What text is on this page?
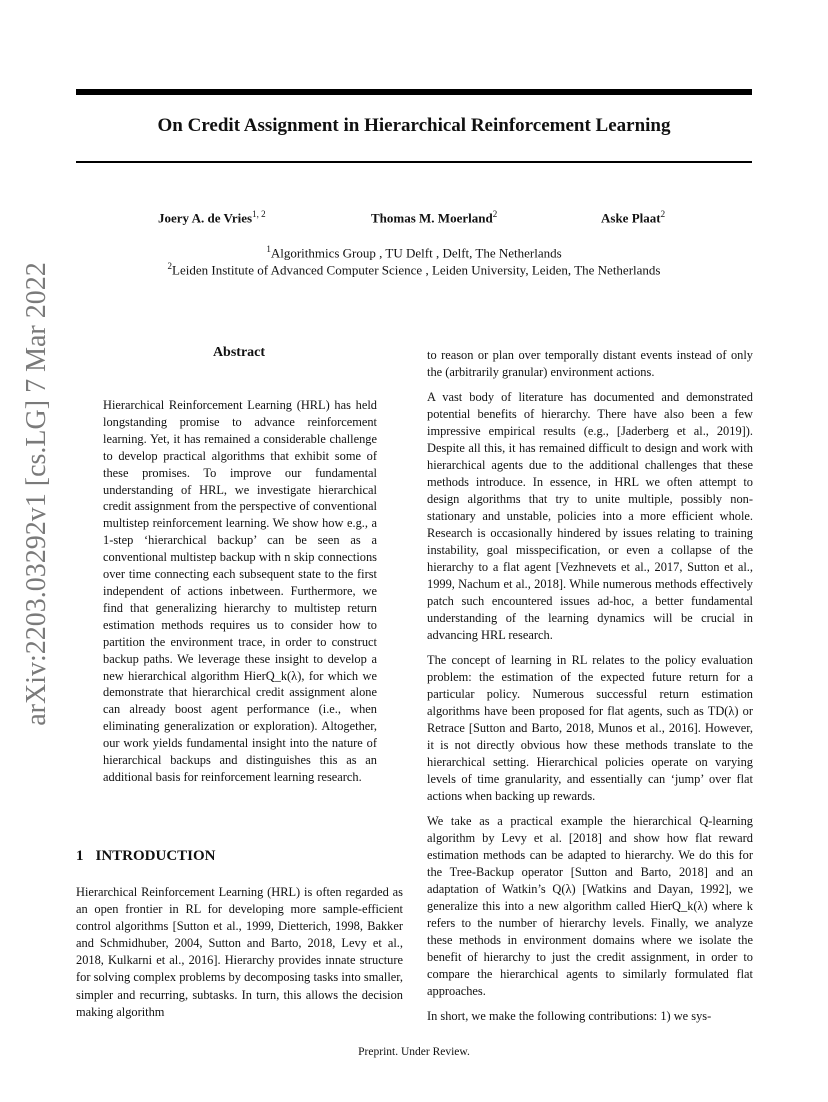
On Credit Assignment in Hierarchical Reinforcement Learning
Joery A. de Vries$^{1, 2}$	Thomas M. Moerland$^2$	Aske Plaat$^2$
$^1$Algorithmics Group , TU Delft , Delft, The Netherlands
$^2$Leiden Institute of Advanced Computer Science , Leiden University, Leiden, The Netherlands
arXiv:2203.03292v1 [cs.LG] 7 Mar 2022	Abstract

Hierarchical Reinforcement Learning (HRL) has held longstanding promise to advance reinforcement learning. Yet, it has remained a considerable challenge to develop practical algorithms that exhibit some of these promises. To improve our fundamental understanding of HRL, we investigate hierarchical credit assignment from the perspective of conventional multistep reinforcement learning. We show how e.g., a 1-step ‘hierarchical backup’ can be seen as a conventional multistep backup with n skip connections over time connecting each subsequent state to the first independent of actions inbetween. Furthermore, we find that generalizing hierarchy to multistep return estimation methods requires us to consider how to partition the environment trace, in order to construct backup paths. We leverage these insight to develop a new hierarchical algorithm HierQ_k(λ), for which we demonstrate that hierarchical credit assignment alone can already boost agent performance (i.e., when eliminating generalization or exploration). Altogether, our work yields fundamental insight into the nature of hierarchical backups and distinguishes this as an additional basis for reinforcement learning research.

1 INTRODUCTION

Hierarchical Reinforcement Learning (HRL) is often regarded as an open frontier in RL for developing more sample-efficient control algorithms [Sutton et al., 1999, Dietterich, 1998, Bakker and Schmidhuber, 2004, Sutton and Barto, 2018, Levy et al., 2018, Kulkarni et al., 2016]. Hierarchy provides innate structure for solving complex problems by decomposing tasks into smaller, simpler and recurring, subtasks. In turn, this allows the decision making algorithm

to reason or plan over temporally distant events instead of only the (arbitrarily granular) environment actions.

A vast body of literature has documented and demonstrated potential benefits of hierarchy. There have also been a few impressive empirical results (e.g., [Jaderberg et al., 2019]). Despite all this, it has remained difficult to design and work with hierarchical agents due to the additional challenges that these methods introduce. In essence, in HRL we often attempt to design algorithms that try to unite multiple, possibly non-stationary and unstable, policies into a more efficient whole. Research is occasionally hindered by issues relating to training instability, goal misspecification, or even a collapse of the hierarchy to a flat agent [Vezhnevets et al., 2017, Sutton et al., 1999, Nachum et al., 2018]. While numerous methods effectively patch such encountered issues ad-hoc, a better fundamental understanding of the learning dynamics will be crucial in advancing HRL research.

The concept of learning in RL relates to the policy evaluation problem: the estimation of the expected future return for a particular policy. Numerous successful return estimation algorithms have been proposed for flat agents, such as TD(λ) or Retrace [Sutton and Barto, 2018, Munos et al., 2016]. However, it is not directly obvious how these methods translate to the hierarchical setting. Hierarchical policies operate on varying levels of time granularity, and essentially can ‘jump’ over flat actions when backing up rewards.

We take as a practical example the hierarchical Q-learning algorithm by Levy et al. [2018] and show how flat reward estimation methods can be adapted to hierarchy. We do this for the Tree-Backup operator [Sutton and Barto, 2018] and an adaptation of Watkin’s Q(λ) [Watkins and Dayan, 1992], we generalize this into a new algorithm called HierQ_k(λ) where k refers to the number of hierarchy levels. Finally, we analyze these methods in environment domains where we isolate the benefit of hierarchy to just the credit assignment, in order to compare the hierarchical agents to similarly formulated flat approaches.

In short, we make the following contributions: 1) we sys-

Preprint. Under Review.
